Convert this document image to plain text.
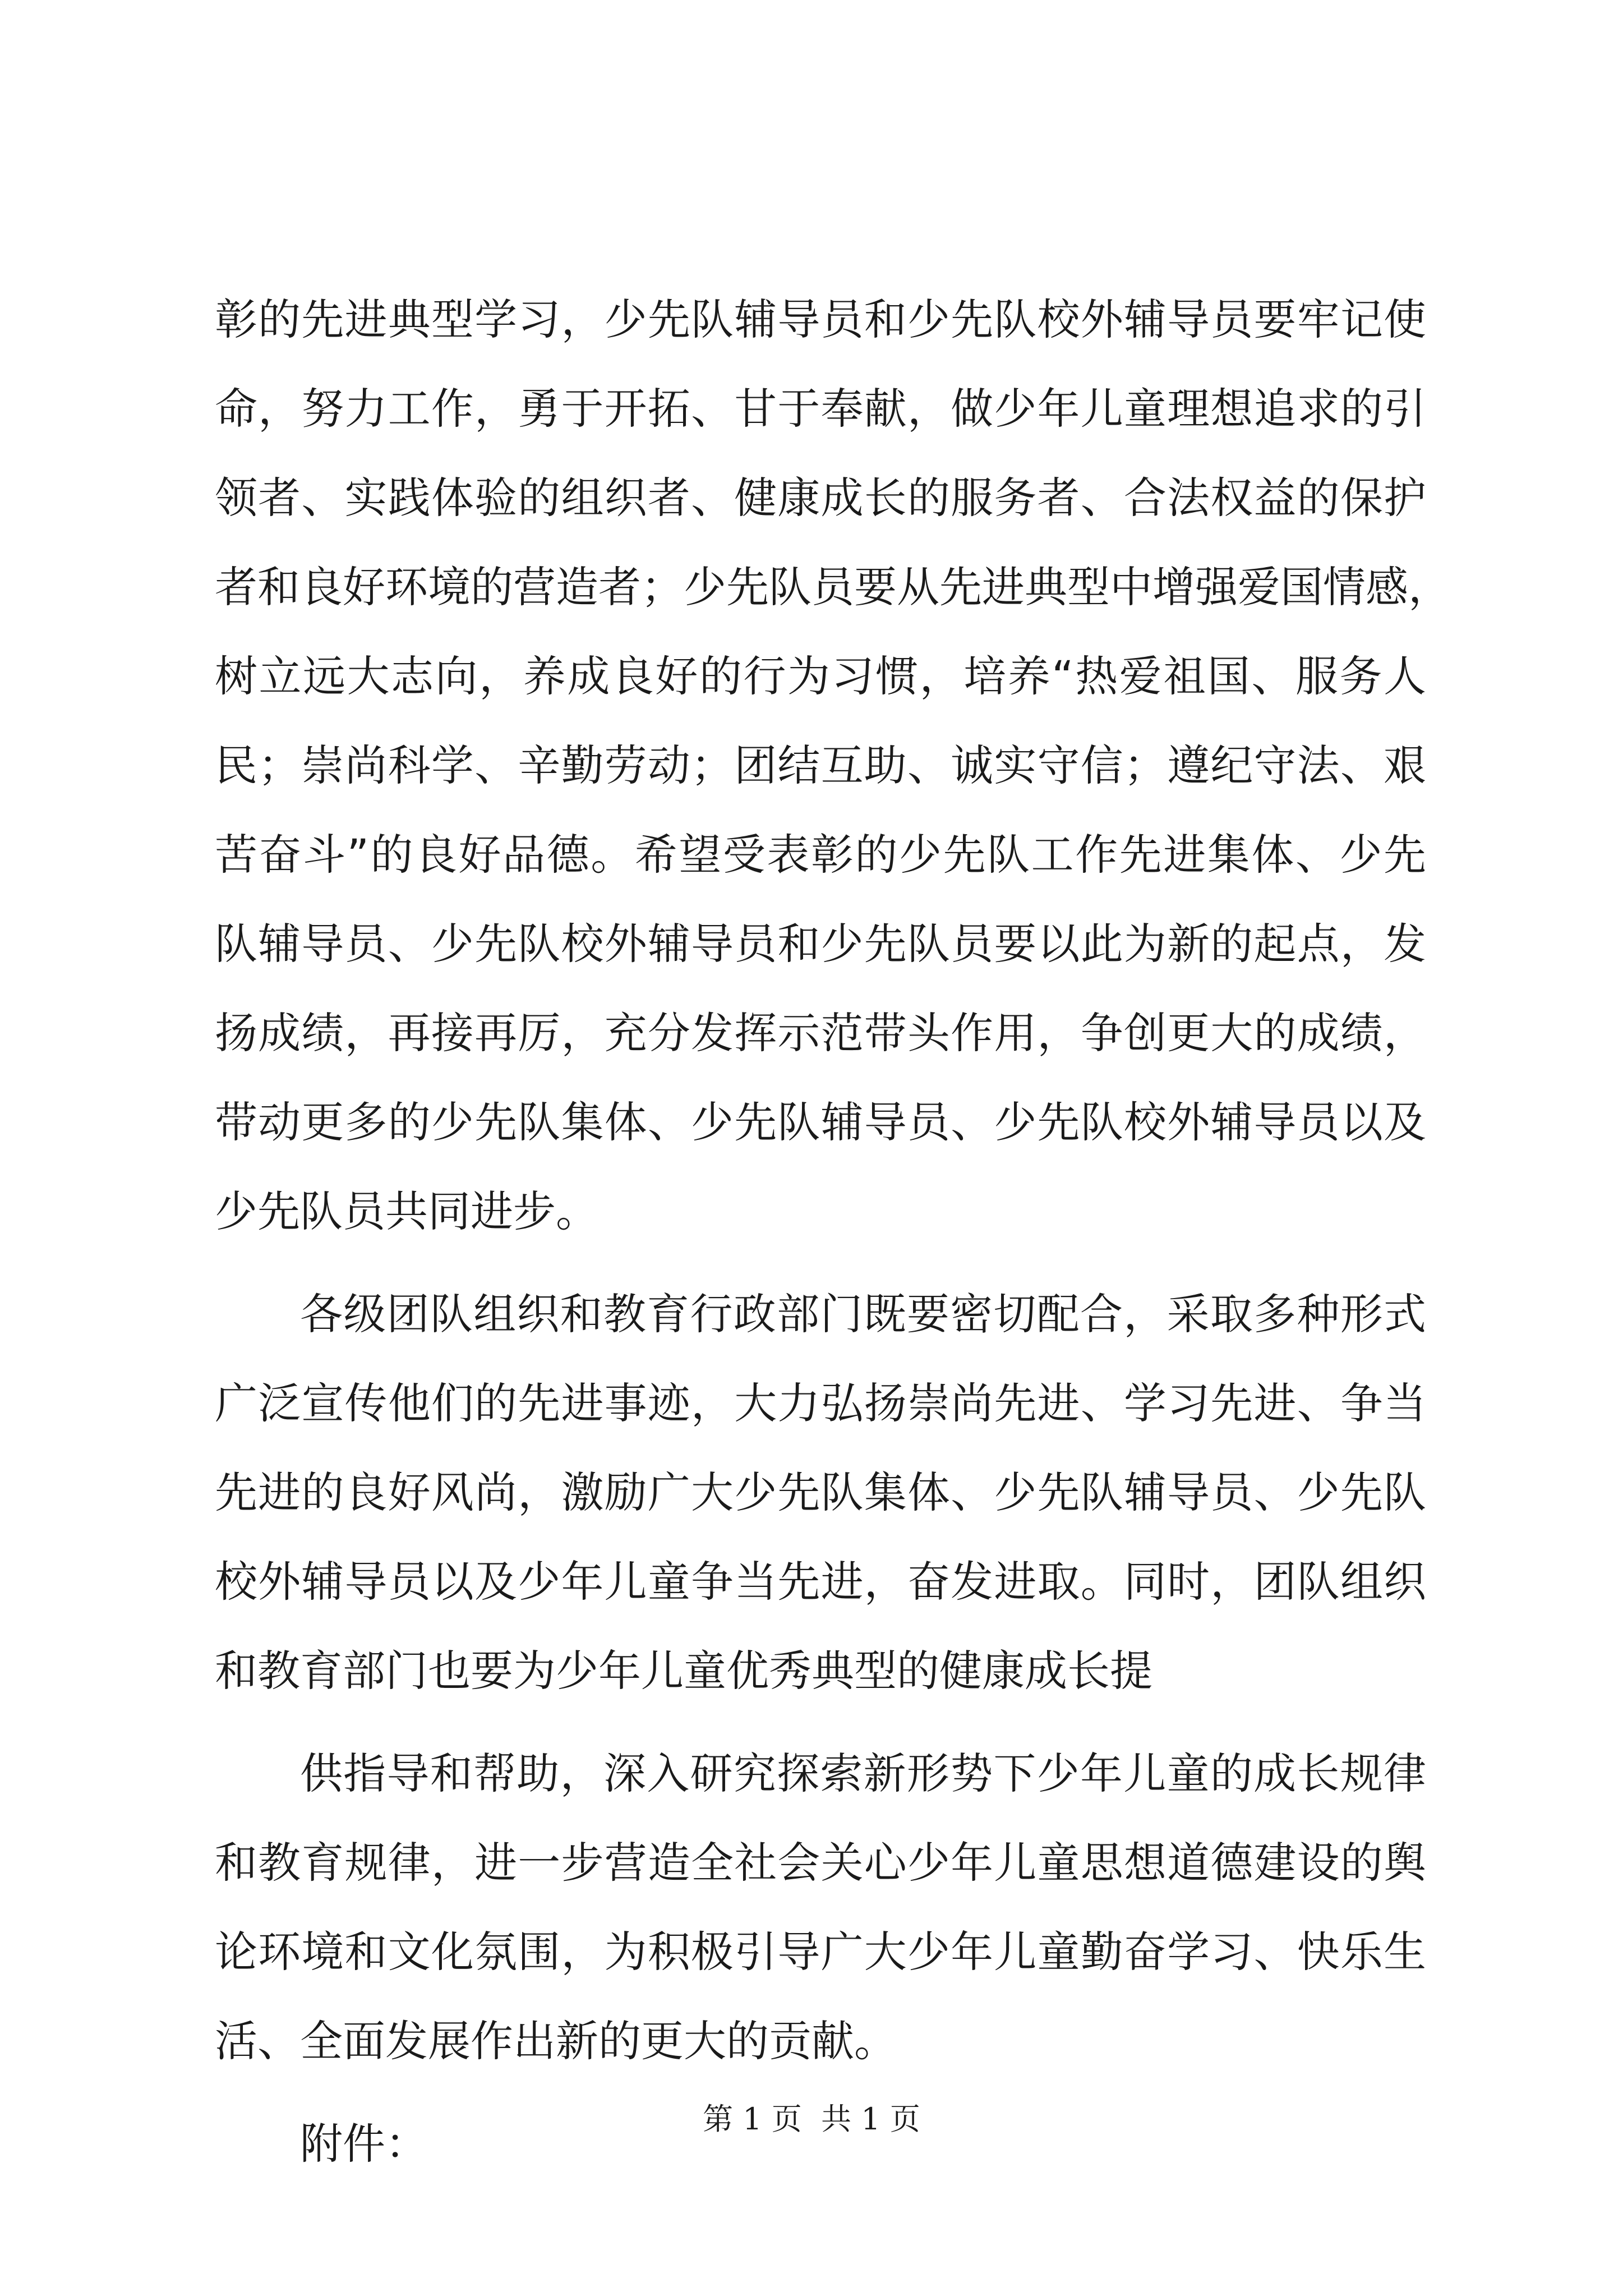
彰的先进典型学习，少先队辅导员和少先队校外辅导员要牢记使
命，努力工作，勇于开拓、甘于奉献，做少年儿童理想追求的引
领者、实践体验的组织者、健康成长的服务者、合法权益的保护
者和良好环境的营造者；少先队员要从先进典型中增强爱国情感，
树立远大志向，养成良好的行为习惯，培养“热爱祖国、服务人
民；崇尚科学、辛勤劳动；团结互助、诚实守信；遵纪守法、艰
苦奋斗”的良好品德。希望受表彰的少先队工作先进集体、少先
队辅导员、少先队校外辅导员和少先队员要以此为新的起点，发
扬成绩，再接再厉，充分发挥示范带头作用，争创更大的成绩，
带动更多的少先队集体、少先队辅导员、少先队校外辅导员以及
少先队员共同进步。
各级团队组织和教育行政部门既要密切配合，采取多种形式
广泛宣传他们的先进事迹，大力弘扬崇尚先进、学习先进、争当
先进的良好风尚，激励广大少先队集体、少先队辅导员、少先队
校外辅导员以及少年儿童争当先进，奋发进取。同时，团队组织
和教育部门也要为少年儿童优秀典型的健康成长提
供指导和帮助，深入研究探索新形势下少年儿童的成长规律
和教育规律，进一步营造全社会关心少年儿童思想道德建设的舆
论环境和文化氛围，为积极引导广大少年儿童勤奋学习、快乐生
活、全面发展作出新的更大的贡献。
附件：	第 1 页  共 1 页
